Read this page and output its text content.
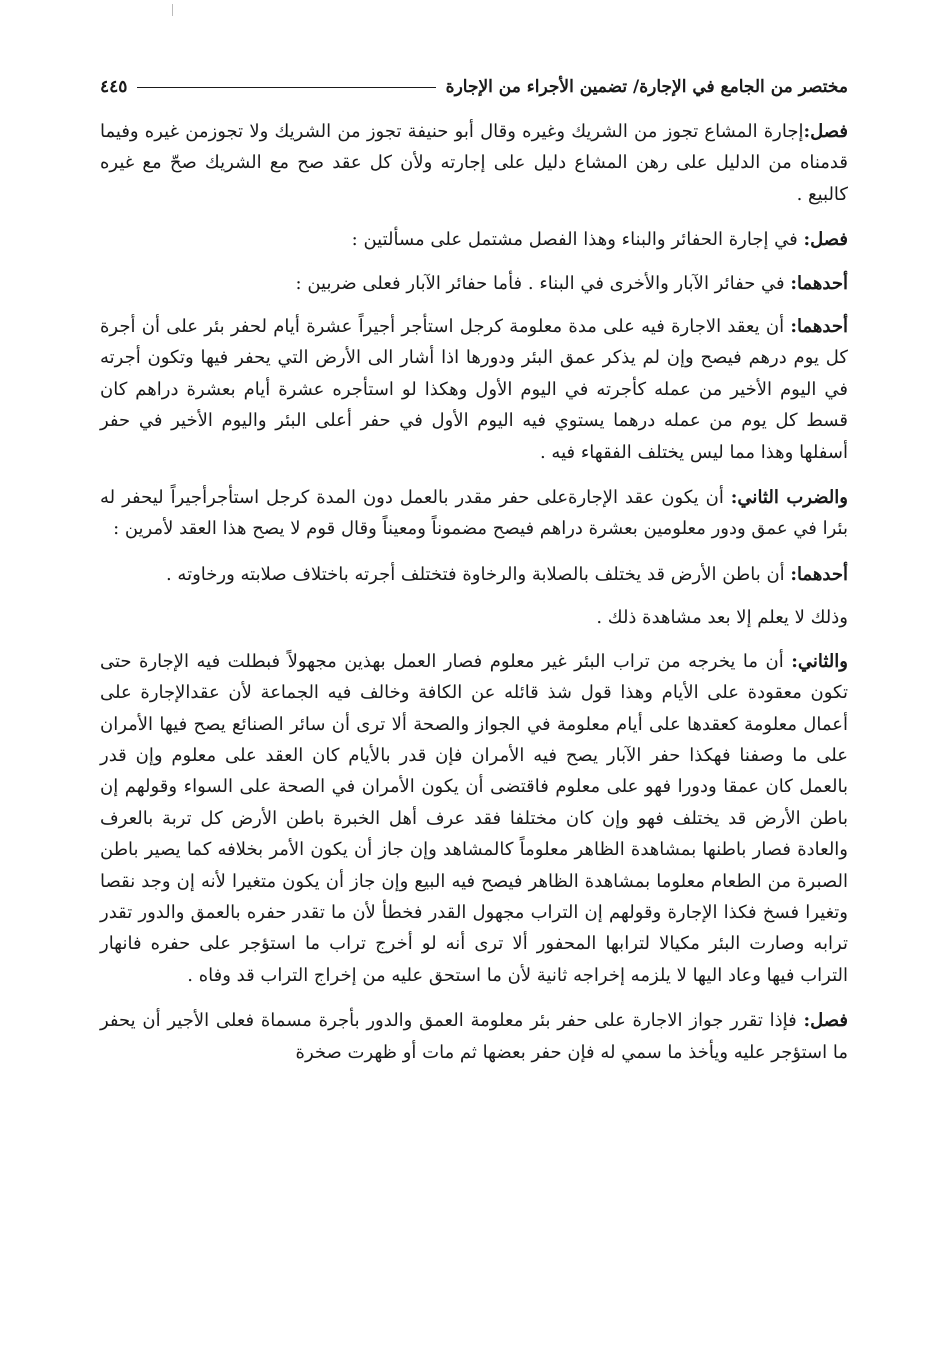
مختصر من الجامع في الإجارة/ تضمين الأجراء من الإجارة
٤٤٥

فصل:إجارة المشاع تجوز من الشريك وغيره وقال أبو حنيفة تجوز من الشريك ولا تجوزمن غيره وفيما قدمناه من الدليل على رهن المشاع دليل على إجارته ولأن كل عقد صح مع الشريك صحّ مع غيره كالبيع .

فصل: في إجارة الحفائر والبناء وهذا الفصل مشتمل على مسألتين :

أحدهما: في حفائر الآبار والأخرى في البناء . فأما حفائر الآبار فعلى ضربين :

أحدهما: أن يعقد الاجارة فيه على مدة معلومة كرجل استأجر أجيراً عشرة أيام لحفر بئر على أن أجرة كل يوم درهم فيصح وإن لم يذكر عمق البئر ودورها اذا أشار الى الأرض التي يحفر فيها وتكون أجرته في اليوم الأخير من عمله كأجرته في اليوم الأول وهكذا لو استأجره عشرة أيام بعشرة دراهم كان قسط كل يوم من عمله درهما يستوي فيه اليوم الأول في حفر أعلى البئر واليوم الأخير في حفر أسفلها وهذا مما ليس يختلف الفقهاء فيه .

والضرب الثاني: أن يكون عقد الإجارةعلى حفر مقدر بالعمل دون المدة كرجل استأجرأجيراً ليحفر له بئرا في عمق ودور معلومين بعشرة دراهم فيصح مضموناً ومعيناً وقال قوم لا يصح هذا العقد لأمرين :

أحدهما: أن باطن الأرض قد يختلف بالصلابة والرخاوة فتختلف أجرته باختلاف صلابته ورخاوته .

وذلك لا يعلم إلا بعد مشاهدة ذلك .

والثاني: أن ما يخرجه من تراب البئر غير معلوم فصار العمل بهذين مجهولاً فبطلت فيه الإجارة حتى تكون معقودة على الأيام وهذا قول شذ قائله عن الكافة وخالف فيه الجماعة لأن عقدالإجارة على أعمال معلومة كعقدها على أيام معلومة في الجواز والصحة ألا ترى أن سائر الصنائع يصح فيها الأمران على ما وصفنا فهكذا حفر الآبار يصح فيه الأمران فإن قدر بالأيام كان العقد على معلوم وإن قدر بالعمل كان عمقا ودورا فهو على معلوم فاقتضى أن يكون الأمران في الصحة على السواء وقولهم إن باطن الأرض قد يختلف فهو وإن كان مختلفا فقد عرف أهل الخبرة باطن الأرض كل تربة بالعرف والعادة فصار باطنها بمشاهدة الظاهر معلوماً كالمشاهد وإن جاز أن يكون الأمر بخلافه كما يصير باطن الصبرة من الطعام معلوما بمشاهدة الظاهر فيصح فيه البيع وإن جاز أن يكون متغيرا لأنه إن وجد نقصا وتغيرا فسخ فكذا الإجارة وقولهم إن التراب مجهول القدر فخطأ لأن ما تقدر حفره بالعمق والدور تقدر ترابه وصارت البئر مكيالا لترابها المحفور ألا ترى أنه لو أخرج تراب ما استؤجر على حفره فانهار التراب فيها وعاد اليها لا يلزمه إخراجه ثانية لأن ما استحق عليه من إخراج التراب قد وفاه .

فصل: فإذا تقرر جواز الاجارة على حفر بئر معلومة العمق والدور بأجرة مسماة فعلى الأجير أن يحفر ما استؤجر عليه ويأخذ ما سمي له فإن حفر بعضها ثم مات أو ظهرت صخرة
